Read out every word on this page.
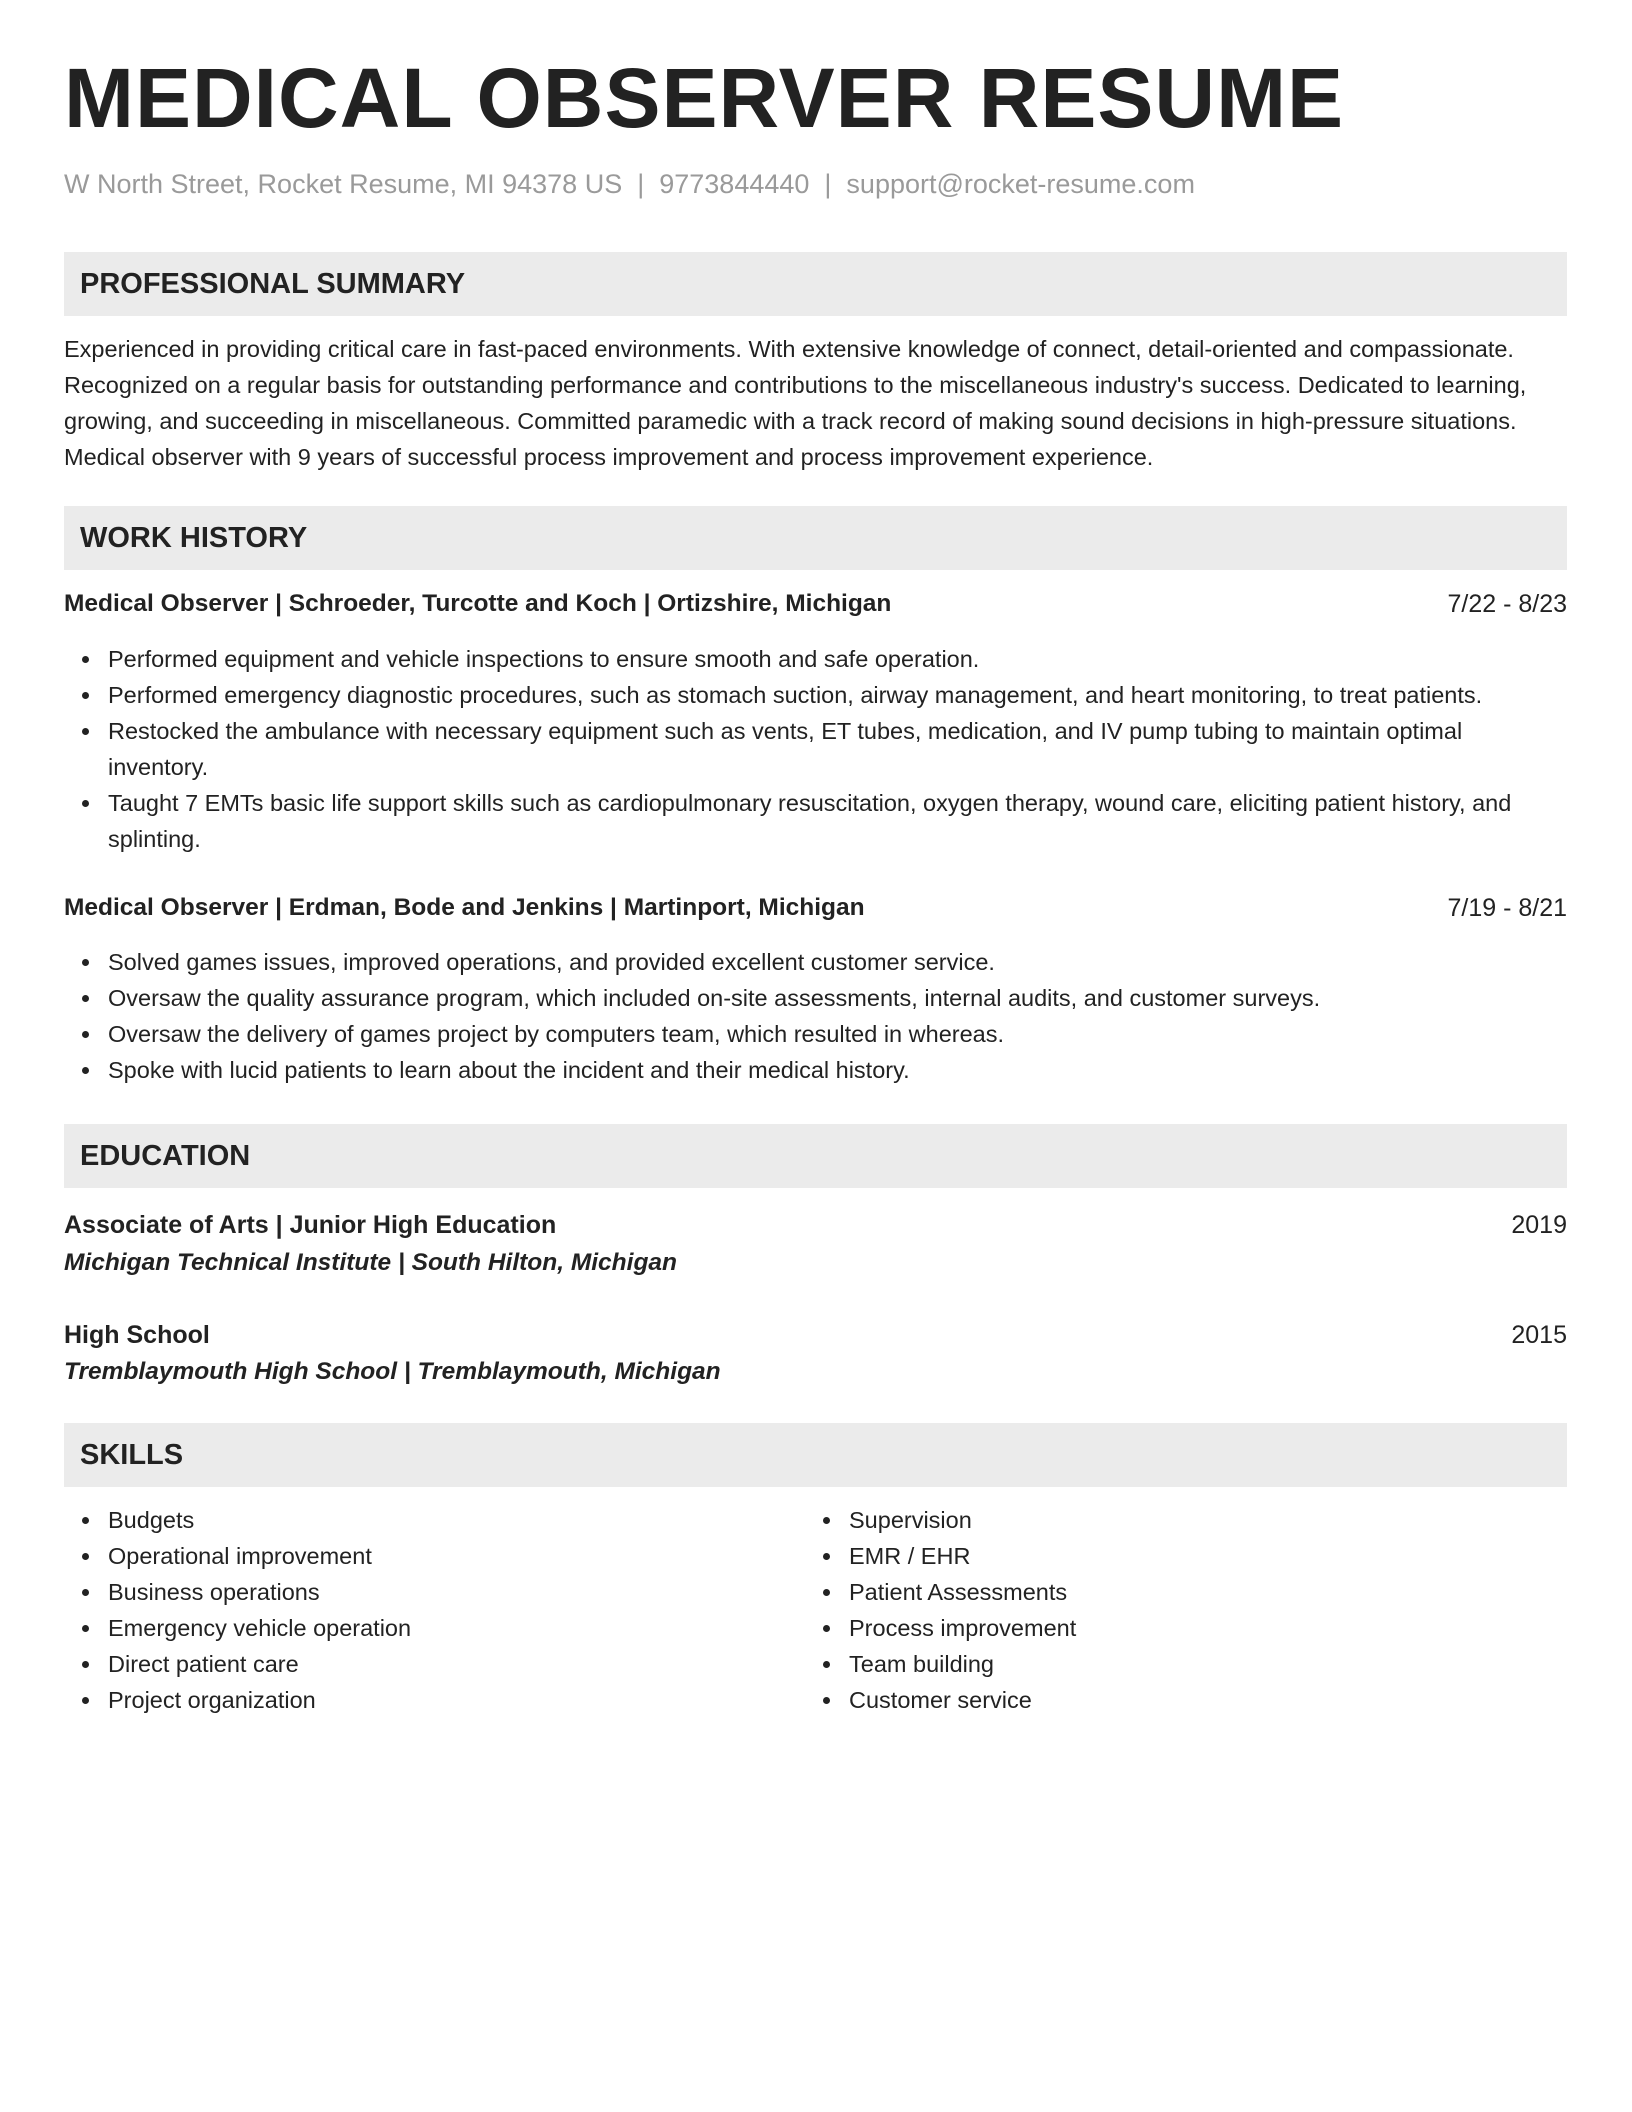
MEDICAL OBSERVER RESUME
W North Street, Rocket Resume, MI 94378 US | 9773844440 | support@rocket-resume.com
PROFESSIONAL SUMMARY

Experienced in providing critical care in fast-paced environments. With extensive knowledge of connect, detail-oriented and compassionate. Recognized on a regular basis for outstanding performance and contributions to the miscellaneous industry's success. Dedicated to learning, growing, and succeeding in miscellaneous. Committed paramedic with a track record of making sound decisions in high-pressure situations. Medical observer with 9 years of successful process improvement and process improvement experience.

WORK HISTORY
Medical Observer | Schroeder, Turcotte and Koch | Ortizshire, Michigan	7/22 - 8/23
Performed equipment and vehicle inspections to ensure smooth and safe operation.
Performed emergency diagnostic procedures, such as stomach suction, airway management, and heart monitoring, to treat patients.
Restocked the ambulance with necessary equipment such as vents, ET tubes, medication, and IV pump tubing to maintain optimal inventory.
Taught 7 EMTs basic life support skills such as cardiopulmonary resuscitation, oxygen therapy, wound care, eliciting patient history, and splinting.
Medical Observer | Erdman, Bode and Jenkins | Martinport, Michigan	7/19 - 8/21
Solved games issues, improved operations, and provided excellent customer service.
Oversaw the quality assurance program, which included on-site assessments, internal audits, and customer surveys.
Oversaw the delivery of games project by computers team, which resulted in whereas.
Spoke with lucid patients to learn about the incident and their medical history.
EDUCATION
Associate of Arts | Junior High Education	2019
Michigan Technical Institute | South Hilton, Michigan
High School	2015
Tremblaymouth High School | Tremblaymouth, Michigan
SKILLS
Budgets
Operational improvement
Business operations
Emergency vehicle operation
Direct patient care
Project organization
Supervision
EMR / EHR
Patient Assessments
Process improvement
Team building
Customer service
